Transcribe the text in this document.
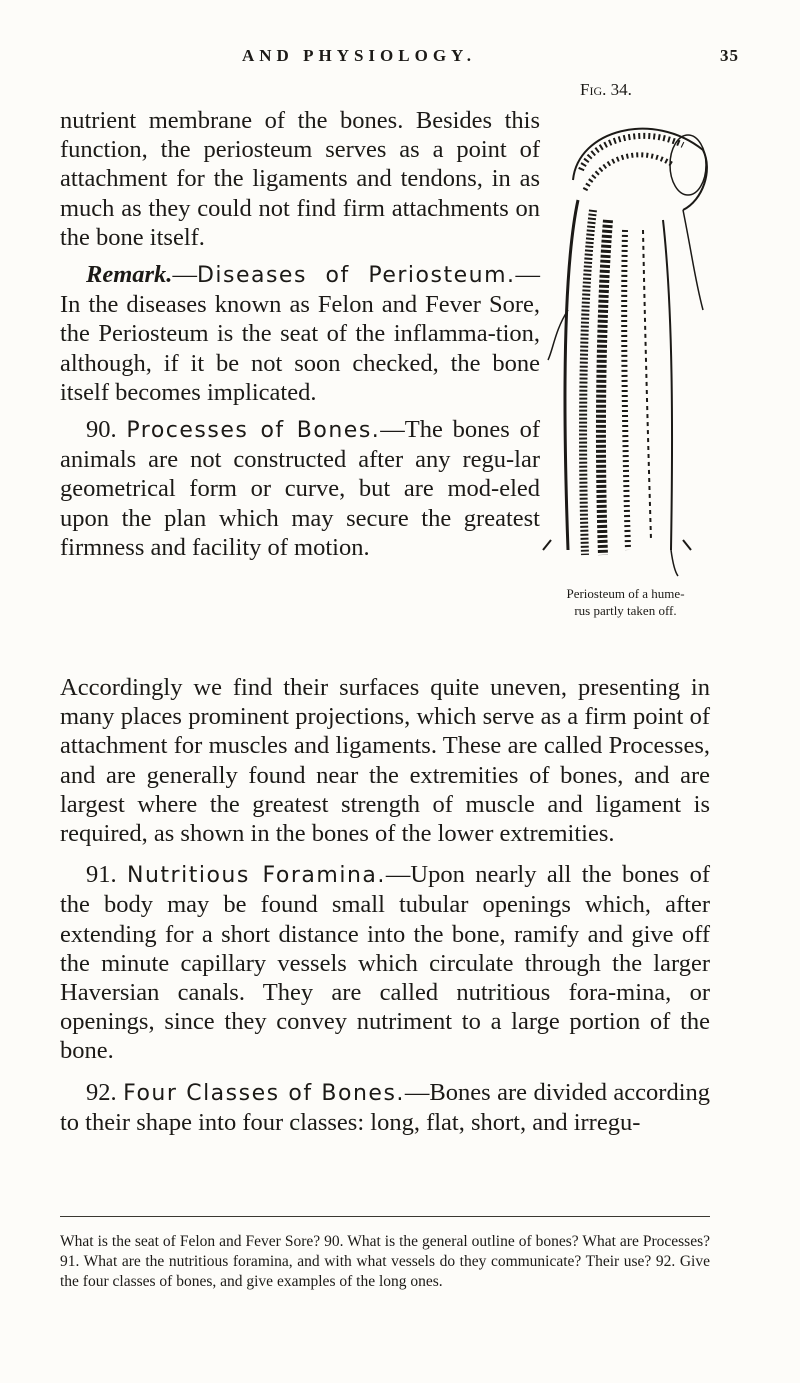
AND PHYSIOLOGY.	35
Fig. 34.
Periosteum of a hume-
rus partly taken off.

nutrient membrane of the bones. Besides this function, the periosteum serves as a point of attachment for the ligaments and tendons, in as much as they could not find firm attachments on the bone itself.

Remark.—Diseases of Periosteum.—In the diseases known as Felon and Fever Sore, the Periosteum is the seat of the inflamma-tion, although, if it be not soon checked, the bone itself becomes implicated.

90. Processes of Bones.—The bones of animals are not constructed after any regu-lar geometrical form or curve, but are mod-eled upon the plan which may secure the greatest firmness and facility of motion.

Accordingly we find their surfaces quite uneven, presenting in many places prominent projections, which serve as a firm point of attachment for muscles and ligaments. These are called Processes, and are generally found near the extremities of bones, and are largest where the greatest strength of muscle and ligament is required, as shown in the bones of the lower extremities.

91. Nutritious Foramina.—Upon nearly all the bones of the body may be found small tubular openings which, after extending for a short distance into the bone, ramify and give off the minute capillary vessels which circulate through the larger Haversian canals. They are called nutritious fora-mina, or openings, since they convey nutriment to a large portion of the bone.

92. Four Classes of Bones.—Bones are divided according to their shape into four classes: long, flat, short, and irregu-

What is the seat of Felon and Fever Sore? 90. What is the general outline of bones? What are Processes? 91. What are the nutritious foramina, and with what vessels do they communicate? Their use? 92. Give the four classes of bones, and give examples of the long ones.
